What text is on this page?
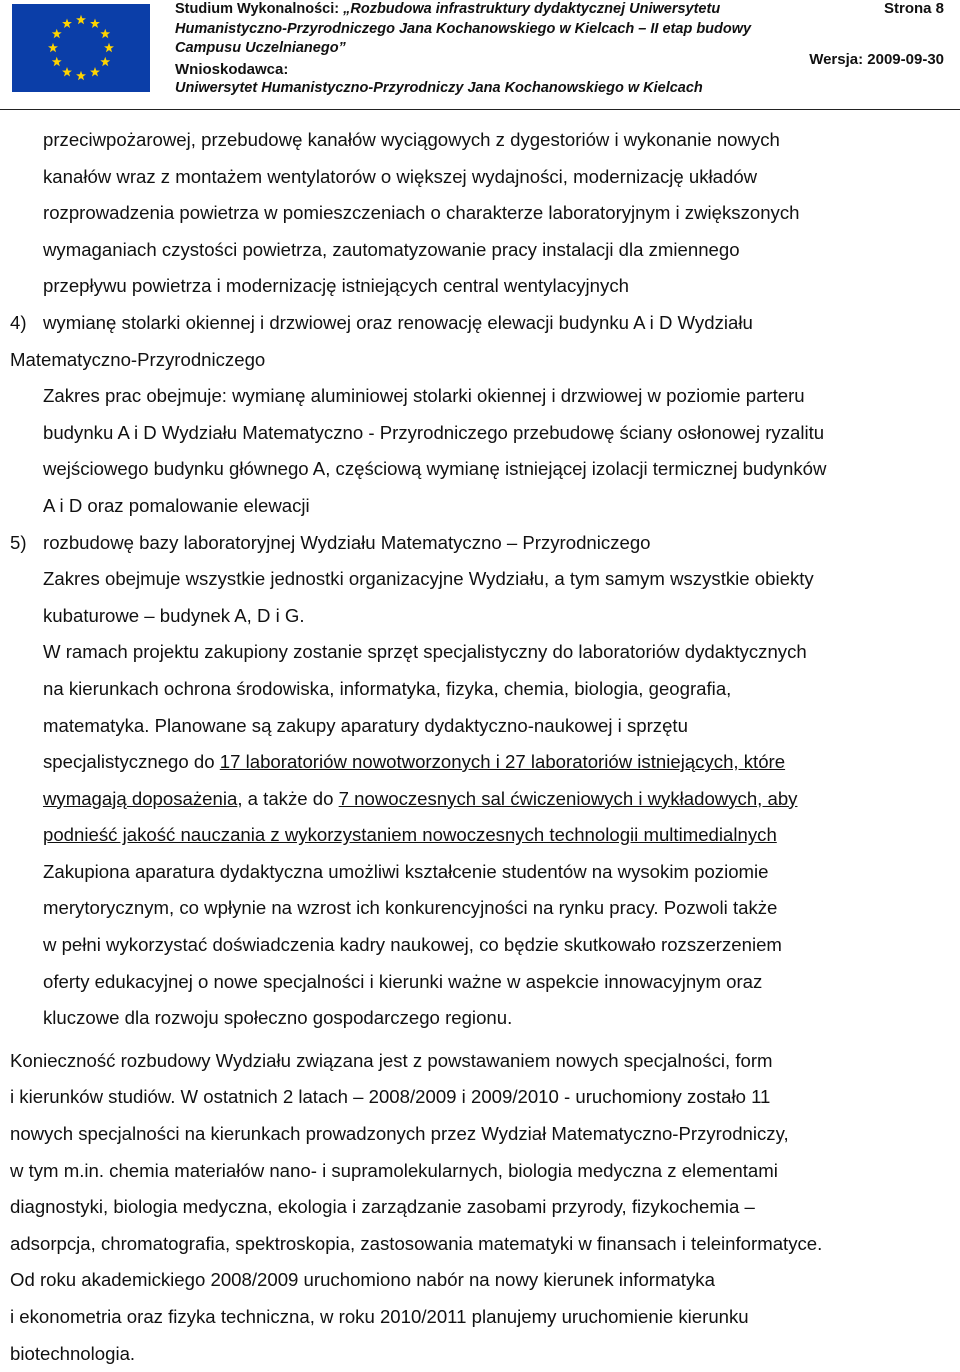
Studium Wykonalności: „Rozbudowa infrastruktury dydaktycznej Uniwersytetu
Humanistyczno-Przyrodniczego Jana Kochanowskiego w Kielcach – II etap budowy
Campusu Uczelnianego”
Strona 8
Wersja: 2009-09-30
Wnioskodawca:
Uniwersytet Humanistyczno-Przyrodniczy Jana Kochanowskiego w Kielcach

przeciwpożarowej, przebudowę kanałów wyciągowych z dygestoriów i wykonanie nowych

kanałów wraz z montażem wentylatorów o większej wydajności, modernizację układów

rozprowadzenia powietrza w pomieszczeniach o charakterze laboratoryjnym i zwiększonych

wymaganiach czystości powietrza, zautomatyzowanie pracy instalacji dla zmiennego

przepływu powietrza i modernizację istniejących central wentylacyjnych

4) wymianę stolarki okiennej i drzwiowej oraz renowację elewacji budynku A i D Wydziału

Matematyczno-Przyrodniczego

Zakres prac obejmuje: wymianę aluminiowej stolarki okiennej i drzwiowej w poziomie parteru

budynku A i D Wydziału Matematyczno - Przyrodniczego przebudowę ściany osłonowej ryzalitu

wejściowego budynku głównego A, częściową wymianę istniejącej izolacji termicznej budynków

A i D oraz pomalowanie elewacji

5) rozbudowę bazy laboratoryjnej Wydziału Matematyczno – Przyrodniczego

Zakres obejmuje wszystkie jednostki organizacyjne Wydziału, a tym samym wszystkie obiekty

kubaturowe – budynek A, D i G.

W ramach projektu zakupiony zostanie sprzęt specjalistyczny do laboratoriów dydaktycznych

na kierunkach ochrona środowiska, informatyka, fizyka, chemia, biologia, geografia,

matematyka. Planowane są zakupy aparatury dydaktyczno-naukowej i sprzętu

specjalistycznego do 17 laboratoriów nowotworzonych i 27 laboratoriów istniejących, które

wymagają doposażenia, a także do 7 nowoczesnych sal ćwiczeniowych i wykładowych, aby

podnieść jakość nauczania z wykorzystaniem nowoczesnych technologii multimedialnych

Zakupiona aparatura dydaktyczna umożliwi kształcenie studentów na wysokim poziomie

merytorycznym, co wpłynie na wzrost ich konkurencyjności na rynku pracy. Pozwoli także

w pełni wykorzystać doświadczenia kadry naukowej, co będzie skutkowało rozszerzeniem

oferty edukacyjnej o nowe specjalności i kierunki ważne w aspekcie innowacyjnym oraz

kluczowe dla rozwoju społeczno gospodarczego regionu.

Konieczność rozbudowy Wydziału związana jest z powstawaniem nowych specjalności, form

i kierunków studiów. W ostatnich 2 latach – 2008/2009 i 2009/2010 - uruchomiony zostało 11

nowych specjalności na kierunkach prowadzonych przez Wydział Matematyczno-Przyrodniczy,

w tym m.in. chemia materiałów nano- i supramolekularnych, biologia medyczna z elementami

diagnostyki, biologia medyczna, ekologia i zarządzanie zasobami przyrody, fizykochemia –

adsorpcja, chromatografia, spektroskopia, zastosowania matematyki w finansach i teleinformatyce.

Od roku akademickiego 2008/2009 uruchomiono nabór na nowy kierunek informatyka

i ekonometria oraz fizyka techniczna, w roku 2010/2011 planujemy uruchomienie kierunku

biotechnologia.
